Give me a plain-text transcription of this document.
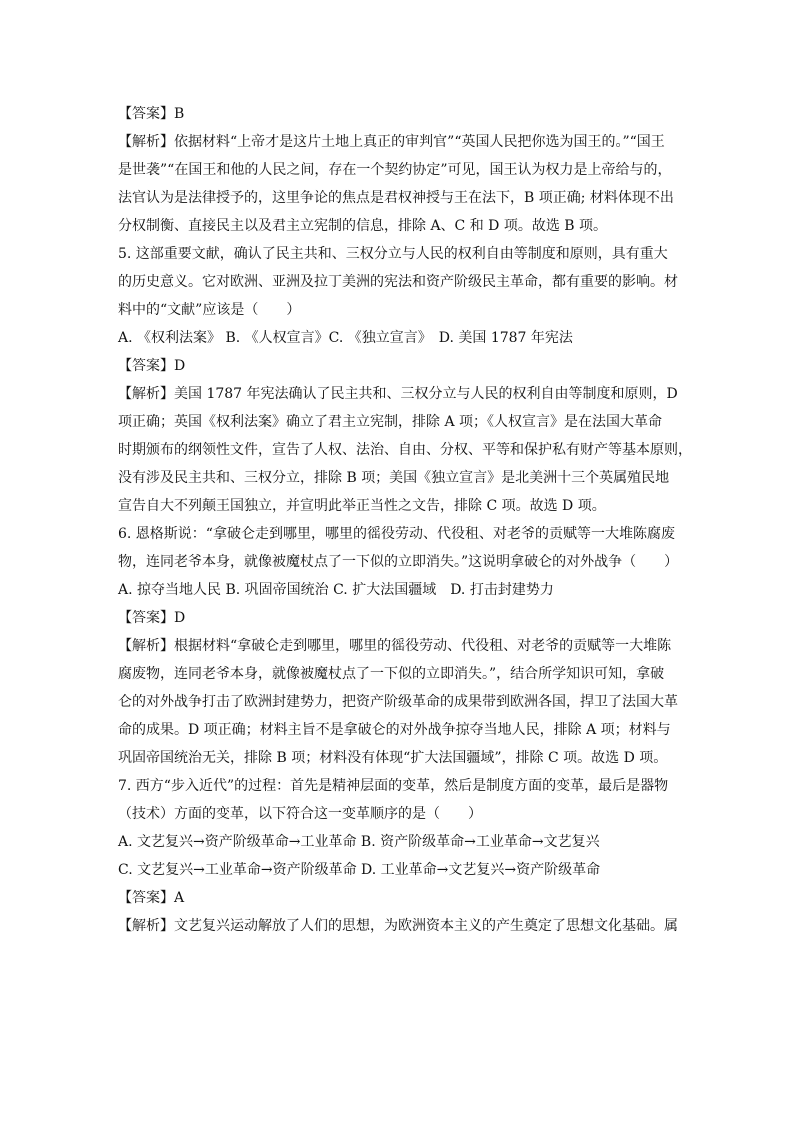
【答案】B
【解析】依据材料“上帝才是这片土地上真正的审判官”“英国人民把你选为国王的。”“国王
是世袭”“在国王和他的人民之间，存在一个契约协定”可见，国王认为权力是上帝给与的，
法官认为是法律授予的，这里争论的焦点是君权神授与王在法下，B 项正确; 材料体现不出
分权制衡、直接民主以及君主立宪制的信息，排除 A、C 和 D 项。故选 B 项。
5. 这部重要文献，确认了民主共和、三权分立与人民的权利自由等制度和原则，具有重大
的历史意义。它对欧洲、亚洲及拉丁美洲的宪法和资产阶级民主革命，都有重要的影响。材
料中的“文献”应该是（　　）
A. 《权利法案》 B. 《人权宣言》C. 《独立宣言》　D. 美国 1787 年宪法
【答案】D
【解析】美国 1787 年宪法确认了民主共和、三权分立与人民的权利自由等制度和原则，D
项正确；英国《权利法案》确立了君主立宪制，排除 A 项；《人权宣言》是在法国大革命
时期颁布的纲领性文件，宣告了人权、法治、自由、分权、平等和保护私有财产等基本原则，
没有涉及民主共和、三权分立，排除 B 项；美国《独立宣言》是北美洲十三个英属殖民地
宣告自大不列颠王国独立，并宣明此举正当性之文告，排除 C 项。故选 D 项。
6. 恩格斯说：“拿破仑走到哪里，哪里的徭役劳动、代役租、对老爷的贡赋等一大堆陈腐废
物，连同老爷本身，就像被魔杖点了一下似的立即消失。”这说明拿破仑的对外战争（　　）
A. 掠夺当地人民 B. 巩固帝国统治 C. 扩大法国疆域　D. 打击封建势力
【答案】D
【解析】根据材料“拿破仑走到哪里，哪里的徭役劳动、代役租、对老爷的贡赋等一大堆陈
腐废物，连同老爷本身，就像被魔杖点了一下似的立即消失。”，结合所学知识可知，拿破
仑的对外战争打击了欧洲封建势力，把资产阶级革命的成果带到欧洲各国，捍卫了法国大革
命的成果。D 项正确；材料主旨不是拿破仑的对外战争掠夺当地人民，排除 A 项；材料与
巩固帝国统治无关，排除 B 项；材料没有体现“扩大法国疆域”，排除 C 项。故选 D 项。
7. 西方“步入近代”的过程：首先是精神层面的变革，然后是制度方面的变革，最后是器物
（技术）方面的变革，以下符合这一变革顺序的是（　　）
A. 文艺复兴→资产阶级革命→工业革命 B. 资产阶级革命→工业革命→文艺复兴
C. 文艺复兴→工业革命→资产阶级革命 D. 工业革命→文艺复兴→资产阶级革命
【答案】A
【解析】文艺复兴运动解放了人们的思想，为欧洲资本主义的产生奠定了思想文化基础。属
